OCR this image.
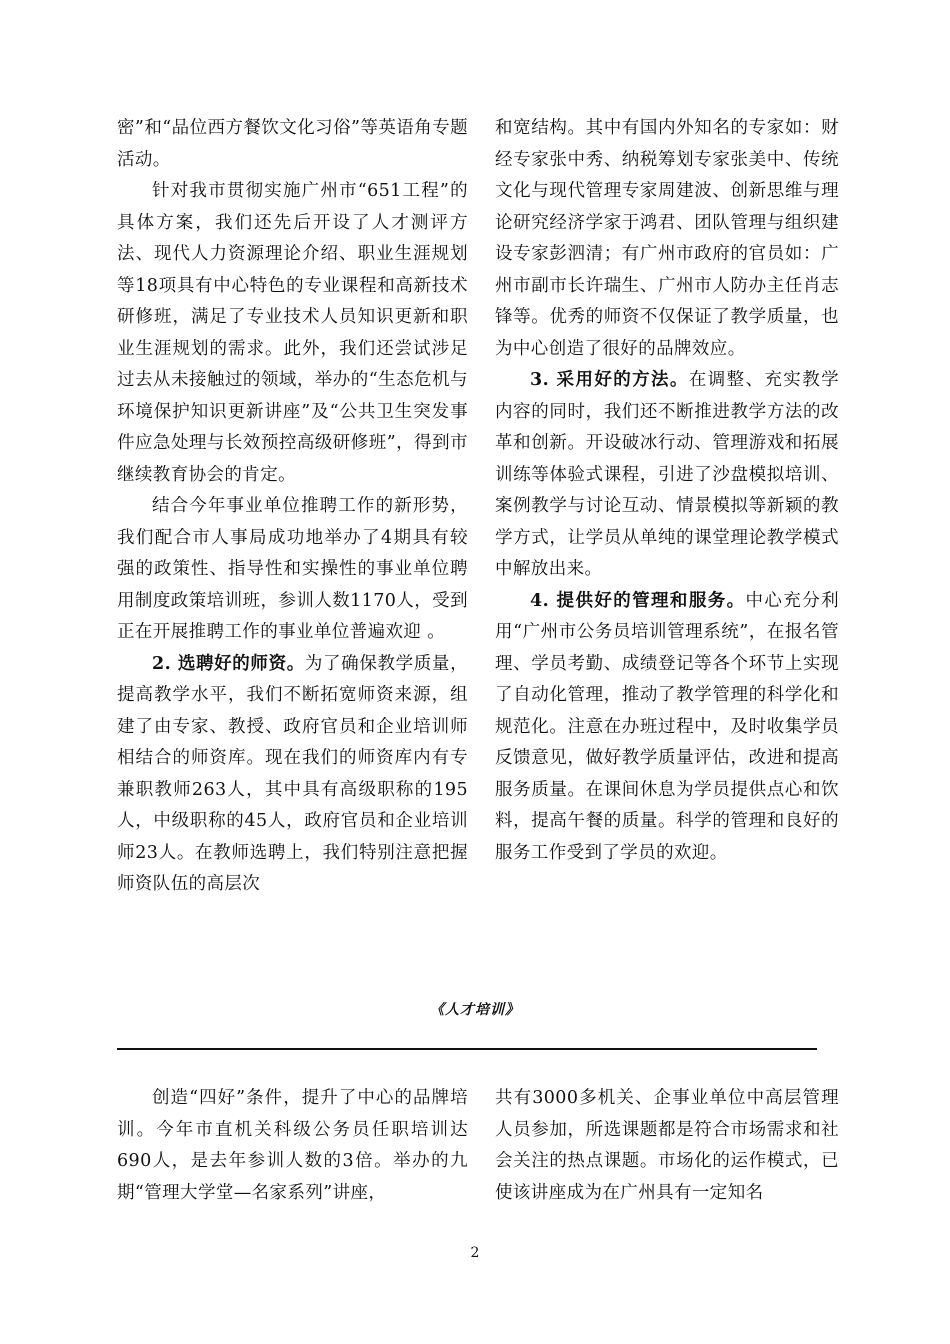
密”和“品位西方餐饮文化习俗”等英语角专题活动。

针对我市贯彻实施广州市“651工程”的具体方案，我们还先后开设了人才测评方法、现代人力资源理论介绍、职业生涯规划等18项具有中心特色的专业课程和高新技术研修班，满足了专业技术人员知识更新和职业生涯规划的需求。此外，我们还尝试涉足过去从未接触过的领域，举办的“生态危机与环境保护知识更新讲座”及“公共卫生突发事件应急处理与长效预控高级研修班”，得到市继续教育协会的肯定。

结合今年事业单位推聘工作的新形势，我们配合市人事局成功地举办了4期具有较强的政策性、指导性和实操性的事业单位聘用制度政策培训班，参训人数1170人，受到正在开展推聘工作的事业单位普遍欢迎 。

2. 选聘好的师资。为了确保教学质量，提高教学水平，我们不断拓宽师资来源，组建了由专家、教授、政府官员和企业培训师相结合的师资库。现在我们的师资库内有专兼职教师263人，其中具有高级职称的195人，中级职称的45人，政府官员和企业培训师23人。在教师选聘上，我们特别注意把握师资队伍的高层次

和宽结构。其中有国内外知名的专家如：财经专家张中秀、纳税筹划专家张美中、传统文化与现代管理专家周建波、创新思维与理论研究经济学家于鸿君、团队管理与组织建设专家彭泗清；有广州市政府的官员如：广州市副市长许瑞生、广州市人防办主任肖志锋等。优秀的师资不仅保证了教学质量，也为中心创造了很好的品牌效应。

3. 采用好的方法。在调整、充实教学内容的同时，我们还不断推进教学方法的改革和创新。开设破冰行动、管理游戏和拓展训练等体验式课程，引进了沙盘模拟培训、案例教学与讨论互动、情景模拟等新颖的教学方式，让学员从单纯的课堂理论教学模式中解放出来。

4. 提供好的管理和服务。中心充分利用“广州市公务员培训管理系统”，在报名管理、学员考勤、成绩登记等各个环节上实现了自动化管理，推动了教学管理的科学化和规范化。注意在办班过程中，及时收集学员反馈意见，做好教学质量评估，改进和提高服务质量。在课间休息为学员提供点心和饮料，提高午餐的质量。科学的管理和良好的服务工作受到了学员的欢迎。

《人才培训》

创造“四好”条件，提升了中心的品牌培训。今年市直机关科级公务员任职培训达690人，是去年参训人数的3倍。举办的九期“管理大学堂—名家系列”讲座，

共有3000多机关、企事业单位中高层管理人员参加，所选课题都是符合市场需求和社会关注的热点课题。市场化的运作模式，已使该讲座成为在广州具有一定知名

2
